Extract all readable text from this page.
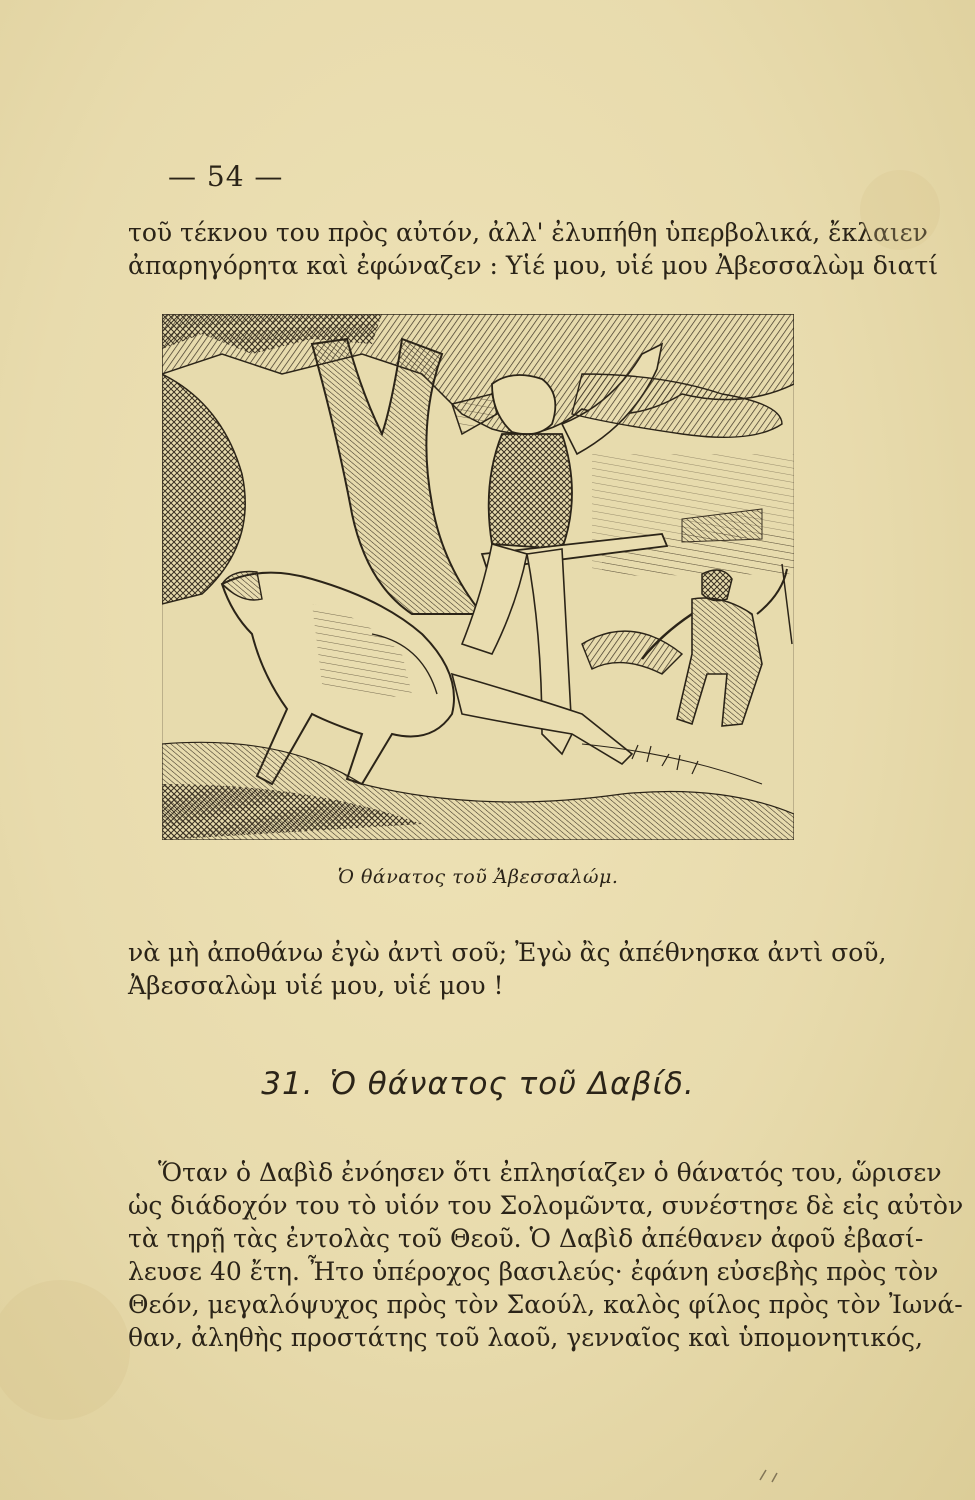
— 54 —
τοῦ τέκνου του πρὸς αὐτόν, ἀλλ' ἐλυπήθη ὑπερβολικά, ἔκλαιεν
ἀπαρηγόρητα καὶ ἐφώναζεν : Υἱέ μου, υἱέ μου Ἀβεσσαλὼμ διατί
Ὁ θάνατος τοῦ Ἀβεσσαλώμ.
νὰ μὴ ἀποθάνω ἐγὼ ἀντὶ σοῦ; Ἐγὼ ἂς ἀπέθνησκα ἀντὶ σοῦ,
Ἀβεσσαλὼμ υἱέ μου, υἱέ μου !
31. Ὁ θάνατος τοῦ Δαβίδ.
Ὅταν ὁ Δαβὶδ ἐνόησεν ὅτι ἐπλησίαζεν ὁ θάνατός του, ὥρισεν
ὡς διάδοχόν του τὸ υἱόν του Σολομῶντα, συνέστησε δὲ εἰς αὐτὸν
τὰ τηρῇ τὰς ἐντολὰς τοῦ Θεοῦ. Ὁ Δαβὶδ ἀπέθανεν ἀφοῦ ἐβασί-
λευσε 40 ἔτη. Ἦτο ὑπέροχος βασιλεύς· ἐφάνη εὐσεβὴς πρὸς τὸν
Θεόν, μεγαλόψυχος πρὸς τὸν Σαούλ, καλὸς φίλος πρὸς τὸν Ἰωνά-
θαν, ἀληθὴς προστάτης τοῦ λαοῦ, γενναῖος καὶ ὑπομονητικός,
